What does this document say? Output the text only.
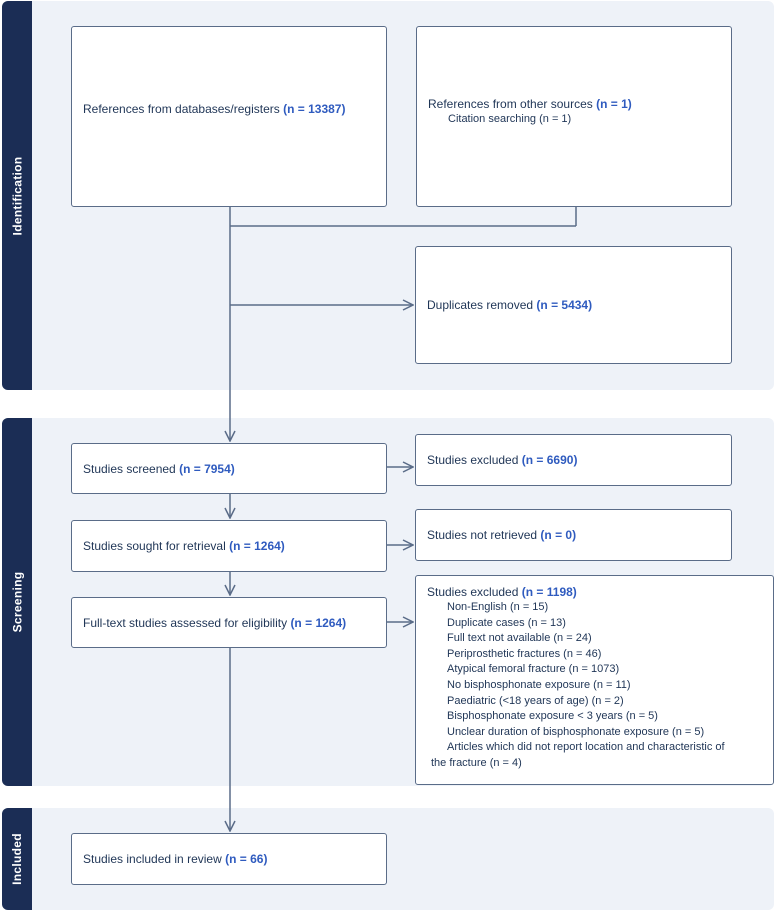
Identification
Screening
Included
References from databases/registers (n = 13387)	References from other sources (n = 1)
Citation searching (n = 1)
Duplicates removed
(n = 5434)
Studies screened
(n = 7954)
Studies excluded
(n = 6690)
Studies sought for retrieval
(n = 1264)
Studies not retrieved
(n = 0)
Full-text studies assessed for eligibility
(n = 1264)
Studies excluded (n = 1198)
Non-English (n = 15)
Duplicate cases (n = 13)
Full text not available (n = 24)
Periprosthetic fractures (n = 46)
Atypical femoral fracture (n = 1073)
No bisphosphonate exposure (n = 11)
Paediatric (<18 years of age) (n = 2)
Bisphosphonate exposure < 3 years (n = 5)
Unclear duration of bisphosphonate exposure (n = 5)
Articles which did not report location and characteristic of
the fracture (n = 4)
Studies included in review
(n = 66)
